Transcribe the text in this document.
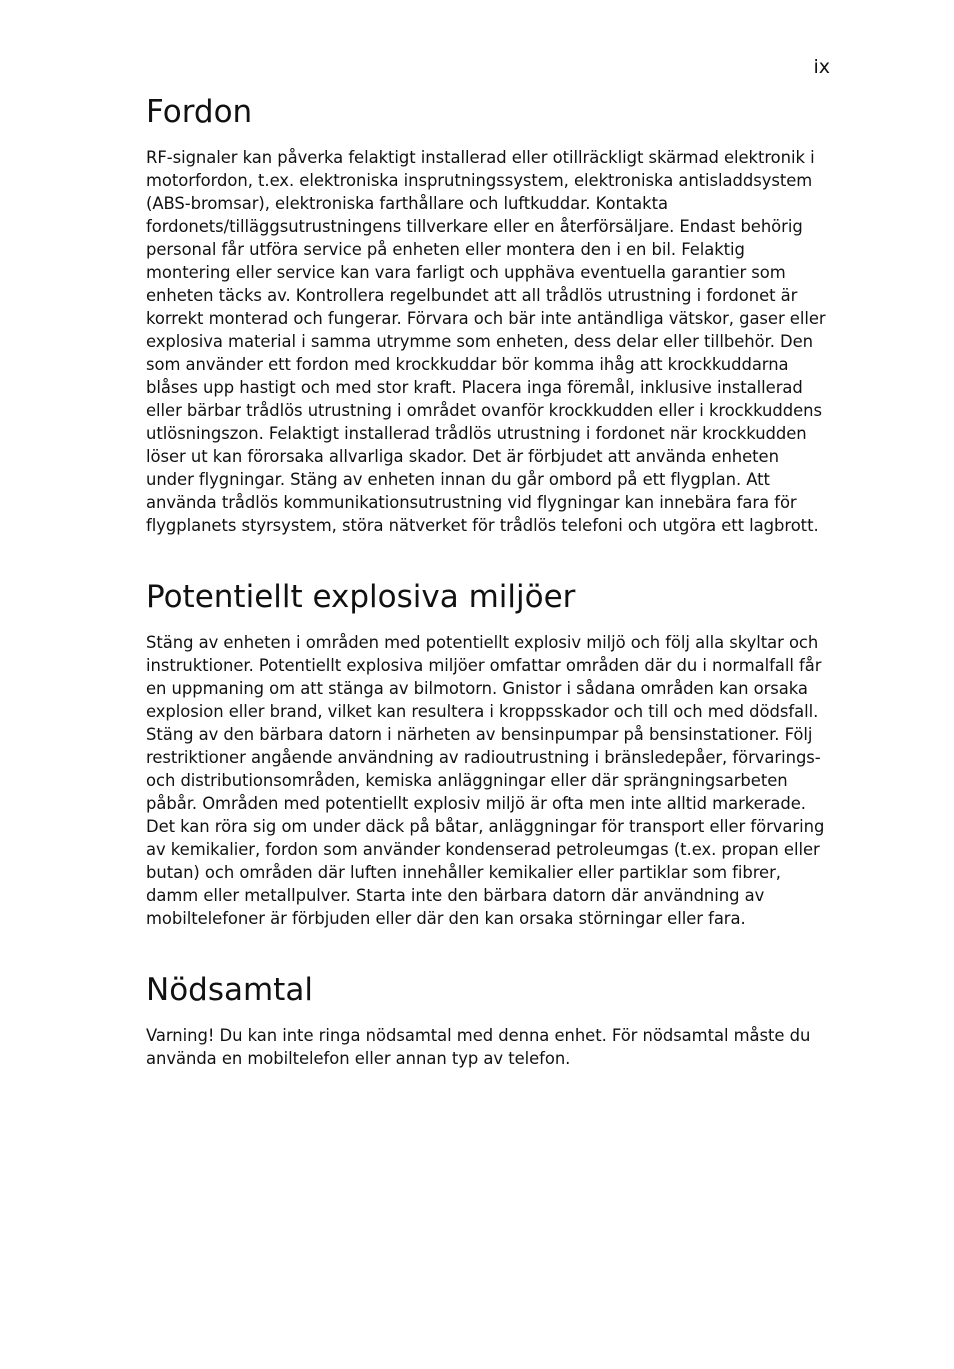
ix

Fordon

RF-signaler kan påverka felaktigt installerad eller otillräckligt skärmad elektronik i motorfordon, t.ex. elektroniska insprutningssystem, elektroniska antisladdsystem (ABS-bromsar), elektroniska farthållare och luftkuddar. Kontakta fordonets/tilläggsutrustningens tillverkare eller en återförsäljare. Endast behörig personal får utföra service på enheten eller montera den i en bil. Felaktig montering eller service kan vara farligt och upphäva eventuella garantier som enheten täcks av. Kontrollera regelbundet att all trådlös utrustning i fordonet är korrekt monterad och fungerar. Förvara och bär inte antändliga vätskor, gaser eller explosiva material i samma utrymme som enheten, dess delar eller tillbehör. Den som använder ett fordon med krockkuddar bör komma ihåg att krockkuddarna blåses upp hastigt och med stor kraft. Placera inga föremål, inklusive installerad eller bärbar trådlös utrustning i området ovanför krockkudden eller i krockkuddens utlösningszon. Felaktigt installerad trådlös utrustning i fordonet när krockkudden löser ut kan förorsaka allvarliga skador. Det är förbjudet att använda enheten under flygningar. Stäng av enheten innan du går ombord på ett flygplan. Att använda trådlös kommunikationsutrustning vid flygningar kan innebära fara för flygplanets styrsystem, störa nätverket för trådlös telefoni och utgöra ett lagbrott.

Potentiellt explosiva miljöer

Stäng av enheten i områden med potentiellt explosiv miljö och följ alla skyltar och instruktioner. Potentiellt explosiva miljöer omfattar områden där du i normalfall får en uppmaning om att stänga av bilmotorn. Gnistor i sådana områden kan orsaka explosion eller brand, vilket kan resultera i kroppsskador och till och med dödsfall. Stäng av den bärbara datorn i närheten av bensinpumpar på bensinstationer. Följ restriktioner angående användning av radioutrustning i bränsledepåer, förvarings- och distributionsområden, kemiska anläggningar eller där sprängningsarbeten påbår. Områden med potentiellt explosiv miljö är ofta men inte alltid markerade. Det kan röra sig om under däck på båtar, anläggningar för transport eller förvaring av kemikalier, fordon som använder kondenserad petroleumgas (t.ex. propan eller butan) och områden där luften innehåller kemikalier eller partiklar som fibrer, damm eller metallpulver. Starta inte den bärbara datorn där användning av mobiltelefoner är förbjuden eller där den kan orsaka störningar eller fara.

Nödsamtal

Varning! Du kan inte ringa nödsamtal med denna enhet. För nödsamtal måste du använda en mobiltelefon eller annan typ av telefon.
